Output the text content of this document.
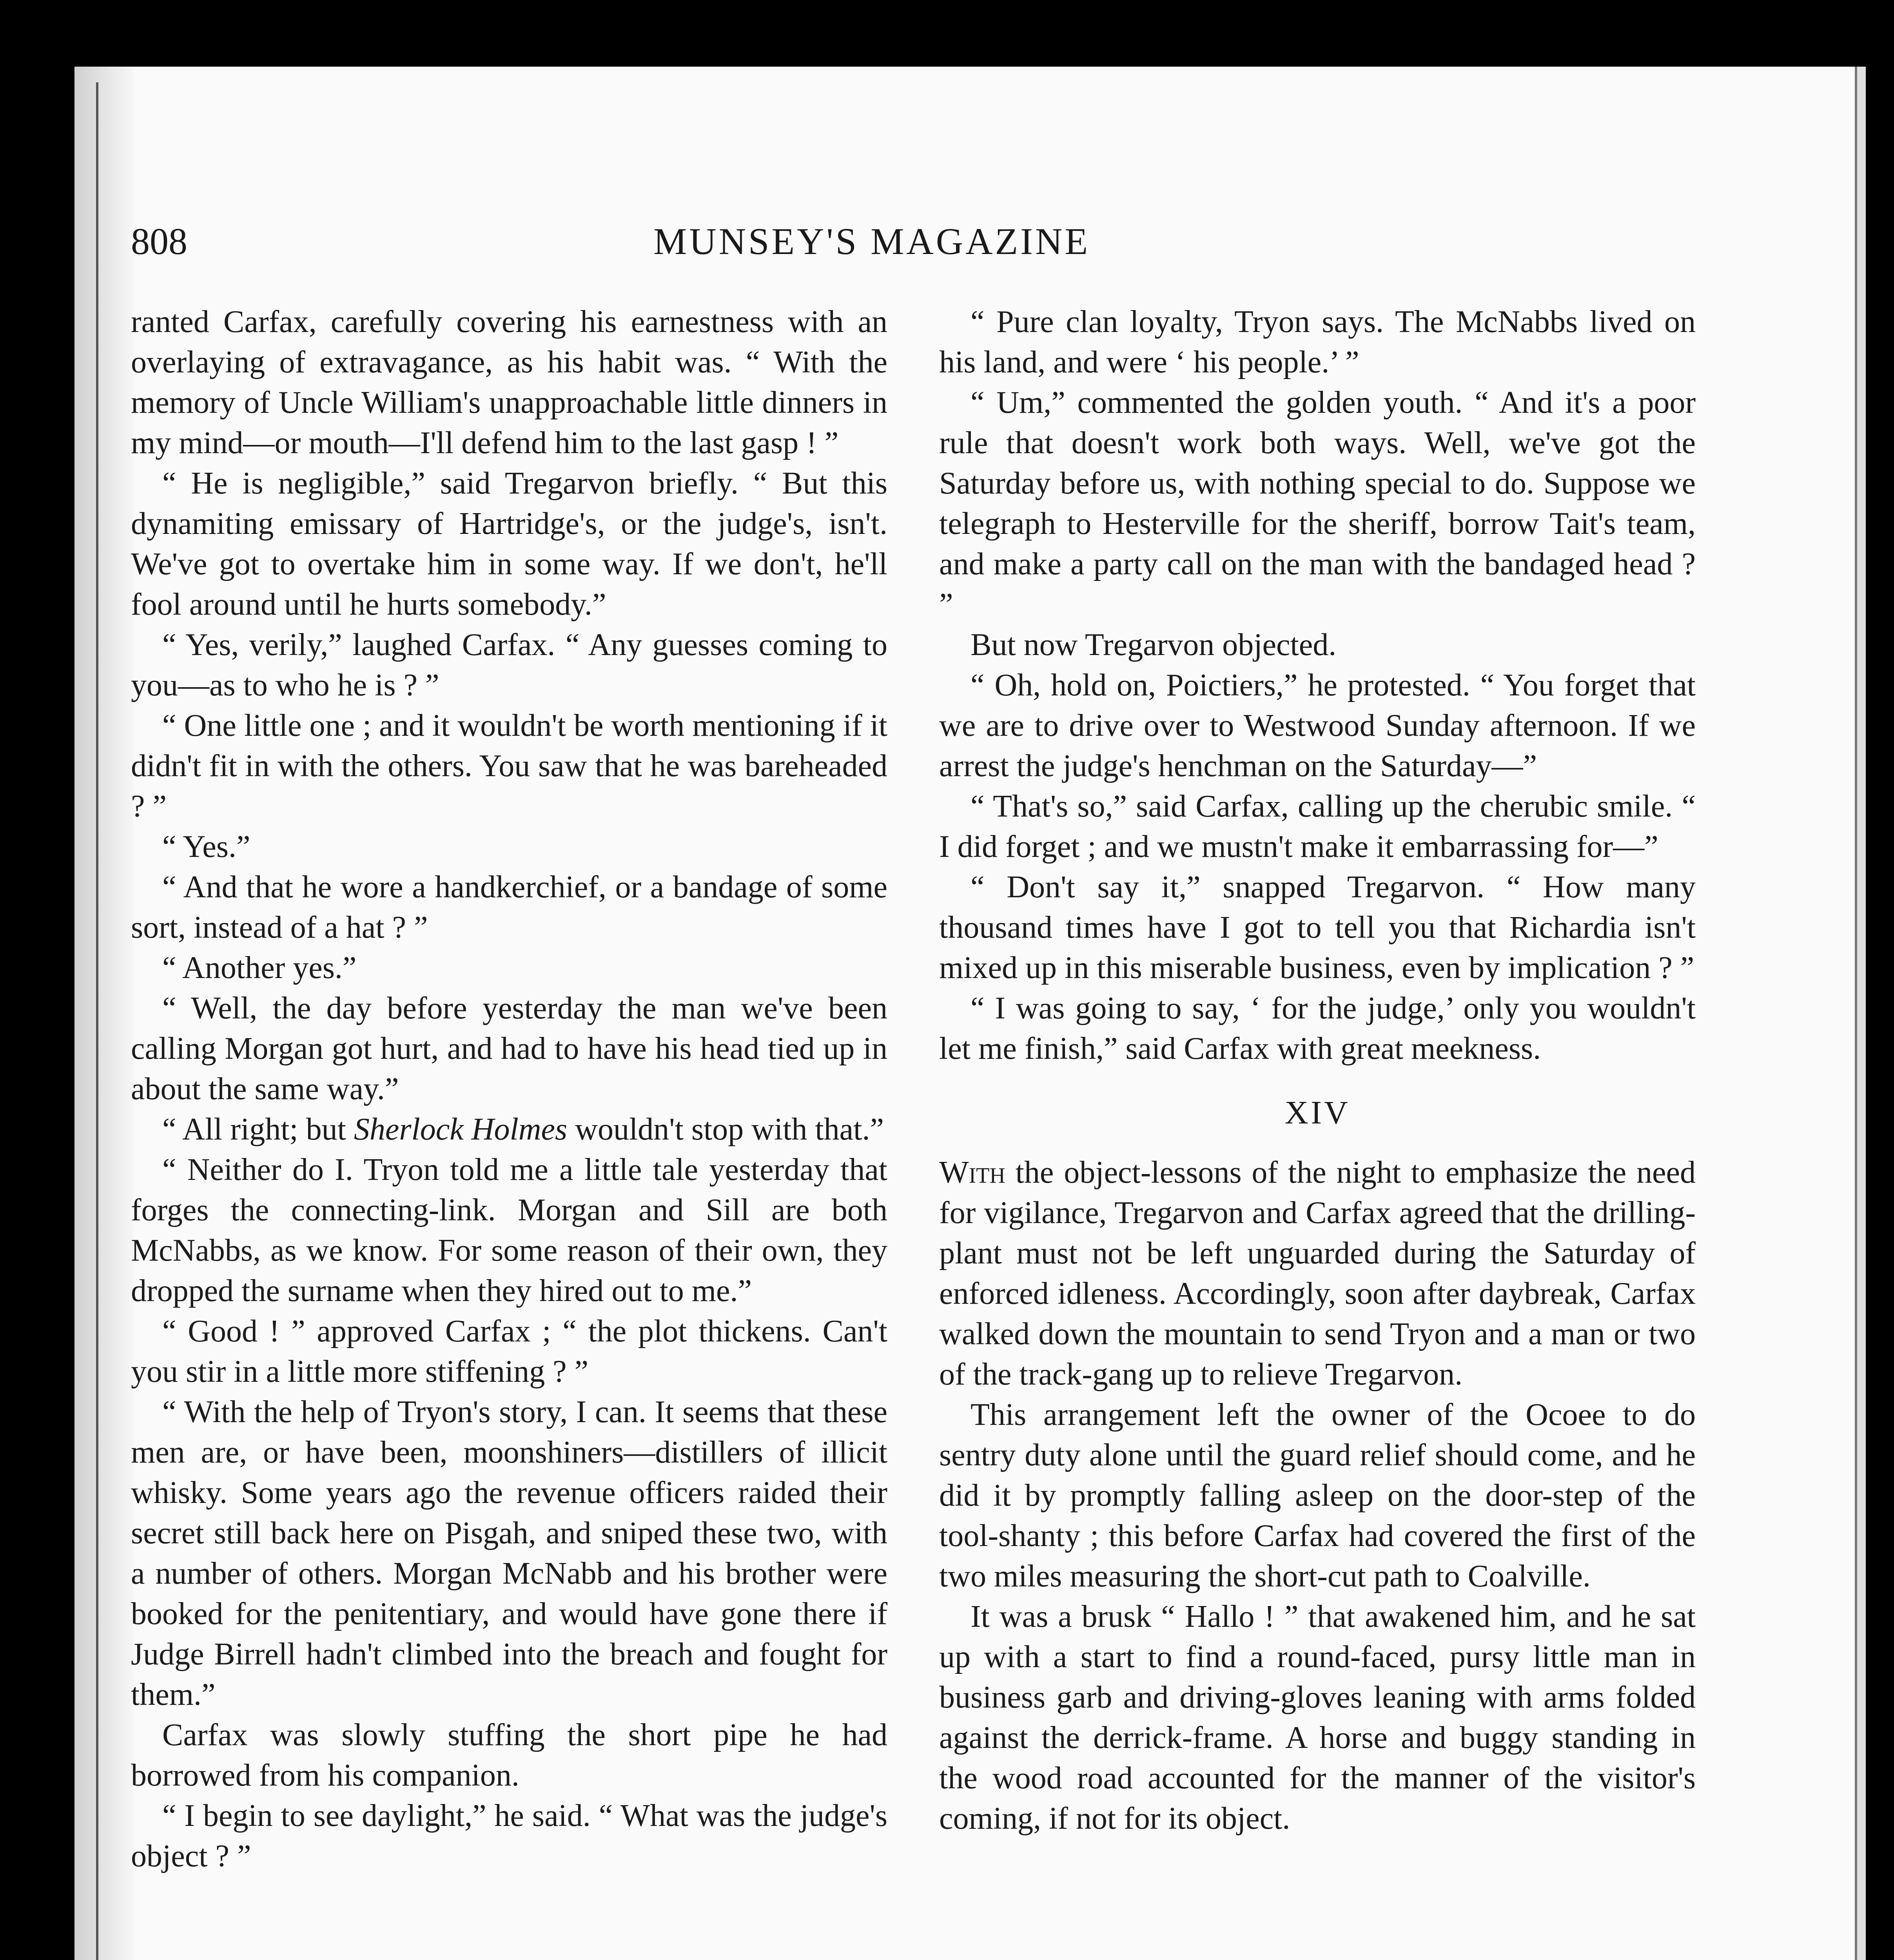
MUNSEY'S MAGAZINE
808

ranted Carfax, carefully covering his earnestness with an overlaying of extravagance, as his habit was. “ With the memory of Uncle William's unapproachable little dinners in my mind—or mouth—I'll defend him to the last gasp ! ”

“ He is negligible,” said Tregarvon briefly. “ But this dynamiting emissary of Hartridge's, or the judge's, isn't. We've got to overtake him in some way. If we don't, he'll fool around until he hurts somebody.”

“ Yes, verily,” laughed Carfax. “ Any guesses coming to you—as to who he is ? ”

“ One little one ; and it wouldn't be worth mentioning if it didn't fit in with the others. You saw that he was bareheaded ? ”

“ Yes.”

“ And that he wore a handkerchief, or a bandage of some sort, instead of a hat ? ”

“ Another yes.”

“ Well, the day before yesterday the man we've been calling Morgan got hurt, and had to have his head tied up in about the same way.”

“ All right; but Sherlock Holmes wouldn't stop with that.”

“ Neither do I. Tryon told me a little tale yesterday that forges the connecting-link. Morgan and Sill are both McNabbs, as we know. For some reason of their own, they dropped the surname when they hired out to me.”

“ Good ! ” approved Carfax ; “ the plot thickens. Can't you stir in a little more stiffening ? ”

“ With the help of Tryon's story, I can. It seems that these men are, or have been, moonshiners—distillers of illicit whisky. Some years ago the revenue officers raided their secret still back here on Pisgah, and sniped these two, with a number of others. Morgan McNabb and his brother were booked for the penitentiary, and would have gone there if Judge Birrell hadn't climbed into the breach and fought for them.”

Carfax was slowly stuffing the short pipe he had borrowed from his companion.

“ I begin to see daylight,” he said. “ What was the judge's object ? ”

“ Pure clan loyalty, Tryon says. The McNabbs lived on his land, and were ‘ his people.’ ”

“ Um,” commented the golden youth. “ And it's a poor rule that doesn't work both ways. Well, we've got the Saturday before us, with nothing special to do. Suppose we telegraph to Hesterville for the sheriff, borrow Tait's team, and make a party call on the man with the bandaged head ? ”

But now Tregarvon objected.

“ Oh, hold on, Poictiers,” he protested. “ You forget that we are to drive over to Westwood Sunday afternoon. If we arrest the judge's henchman on the Saturday—”

“ That's so,” said Carfax, calling up the cherubic smile. “ I did forget ; and we mustn't make it embarrassing for—”

“ Don't say it,” snapped Tregarvon. “ How many thousand times have I got to tell you that Richardia isn't mixed up in this miserable business, even by implication ? ”

“ I was going to say, ‘ for the judge,’ only you wouldn't let me finish,” said Carfax with great meekness.

XIV

With the object-lessons of the night to emphasize the need for vigilance, Tregarvon and Carfax agreed that the drilling-plant must not be left unguarded during the Saturday of enforced idleness. Accordingly, soon after daybreak, Carfax walked down the mountain to send Tryon and a man or two of the track-gang up to relieve Tregarvon.

This arrangement left the owner of the Ocoee to do sentry duty alone until the guard relief should come, and he did it by promptly falling asleep on the door-step of the tool-shanty ; this before Carfax had covered the first of the two miles measuring the short-cut path to Coalville.

It was a brusk “ Hallo ! ” that awakened him, and he sat up with a start to find a round-faced, pursy little man in business garb and driving-gloves leaning with arms folded against the derrick-frame. A horse and buggy standing in the wood road accounted for the manner of the visitor's coming, if not for its object.
